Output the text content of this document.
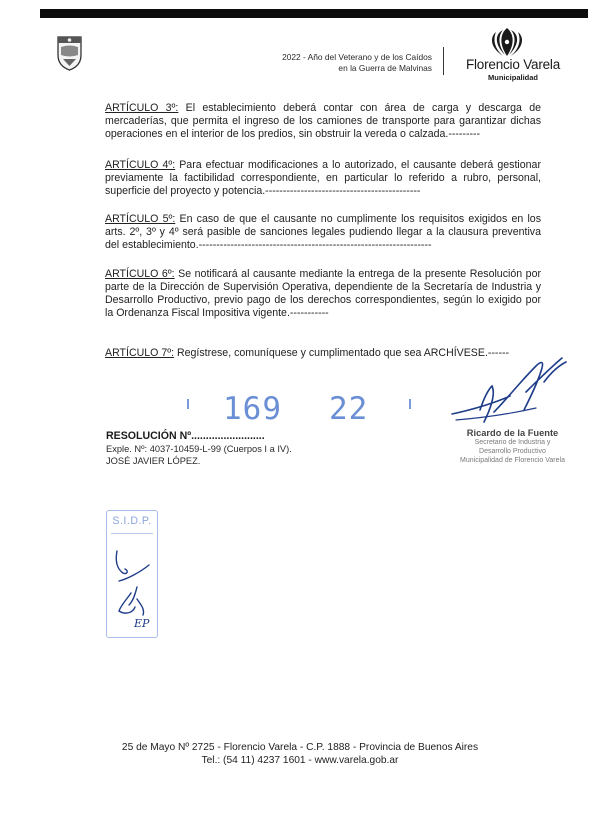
2022 - Año del Veterano y de los Caídos
en la Guerra de Malvinas	Florencio Varela
Municipalidad
ARTÍCULO 3º: El establecimiento deberá contar con área de carga y descarga de mercaderías, que permita el ingreso de los camiones de transporte para garantizar dichas operaciones en el interior de los predios, sin obstruir la vereda o calzada.---------
ARTÍCULO 4º: Para efectuar modificaciones a lo autorizado, el causante deberá gestionar previamente la factibilidad correspondiente, en particular lo referido a rubro, personal, superficie del proyecto y potencia.--------------------------------------------
ARTÍCULO 5º: En caso de que el causante no cumplimente los requisitos exigidos en los arts. 2º, 3º y 4º será pasible de sanciones legales pudiendo llegar a la clausura preventiva del establecimiento.------------------------------------------------------------------
ARTÍCULO 6º: Se notificará al causante mediante la entrega de la presente Resolución por parte de la Dirección de Supervisión Operativa, dependiente de la Secretaría de Industria y Desarrollo Productivo, previo pago de los derechos correspondientes, según lo exigido por la Ordenanza Fiscal Impositiva vigente.-----------
ARTÍCULO 7º: Regístrese, comuníquese y cumplimentado que sea ARCHÍVESE.------
169 22
RESOLUCIÓN Nº.........................
Exple. Nº: 4037-10459-L-99 (Cuerpos I a IV).
JOSÉ JAVIER LÓPEZ.
Ricardo de la Fuente
Secretario de Industria y
Desarrollo Productivo
Municipalidad de Florencio Varela
S.I.D.P.
EP
25 de Mayo Nº 2725 - Florencio Varela - C.P. 1888 - Provincia de Buenos Aires
Tel.: (54 11) 4237 1601 - www.varela.gob.ar
